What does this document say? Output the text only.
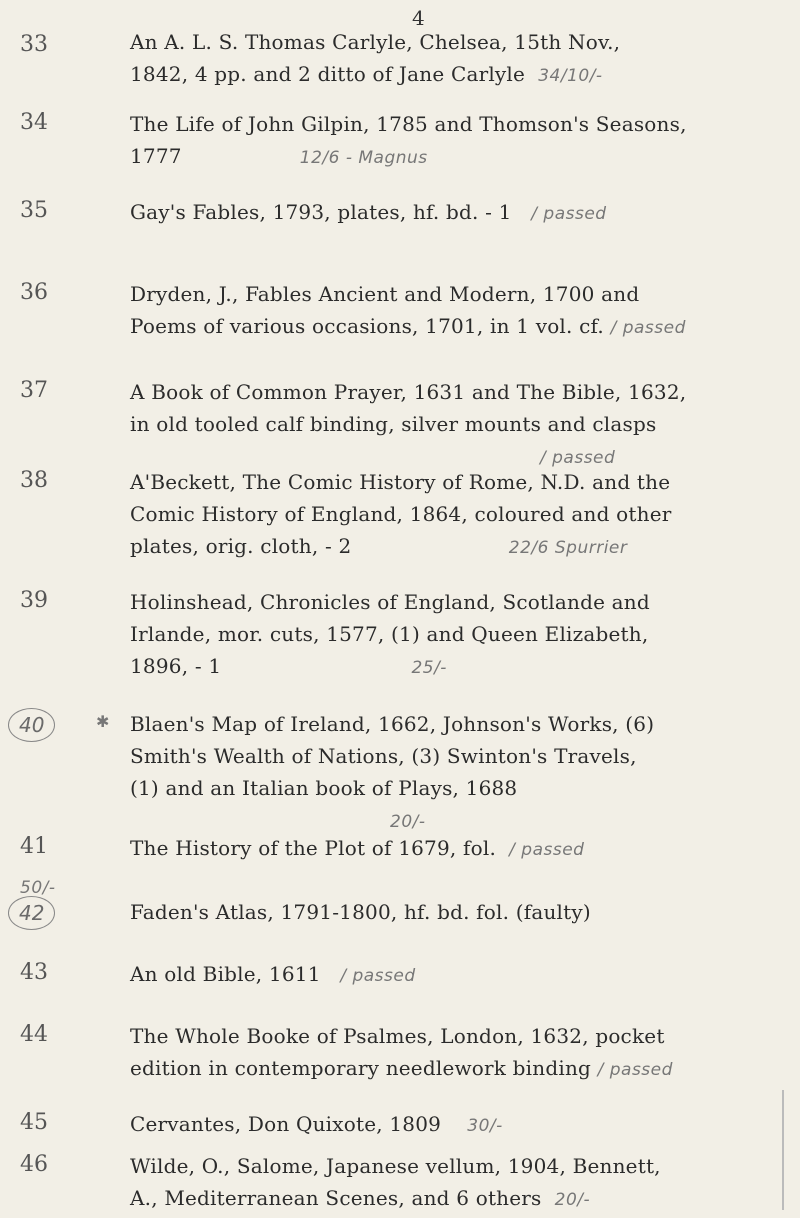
4
33	An A. L. S. Thomas Carlyle, Chelsea, 15th Nov.,
1842, 4 pp. and 2 ditto of Jane Carlyle 34/10/-
34	The Life of John Gilpin, 1785 and Thomson's Seasons,
1777	12/6 - Magnus
35	Gay's Fables, 1793, plates, hf. bd. - 1 / passed
36	Dryden, J., Fables Ancient and Modern, 1700 and
Poems of various occasions, 1701, in 1 vol. cf. / passed
37	A Book of Common Prayer, 1631 and The Bible, 1632,
in old tooled calf binding, silver mounts and clasps
/ passed
38	A'Beckett, The Comic History of Rome, N.D. and the
Comic History of England, 1864, coloured and other
plates, orig. cloth, - 2	22/6 Spurrier
39	Holinshead, Chronicles of England, Scotlande and
Irlande, mor. cuts, 1577, (1) and Queen Elizabeth,
1896, - 1	25/-
40	✱ Blaen's Map of Ireland, 1662, Johnson's Works, (6)
Smith's Wealth of Nations, (3) Swinton's Travels,
(1) and an Italian book of Plays, 1688
20/-
41	The History of the Plot of 1679, fol. / passed
42	Faden's Atlas, 1791-1800, hf. bd. fol. (faulty)
50/-
43	An old Bible, 1611 / passed
44	The Whole Booke of Psalmes, London, 1632, pocket
edition in contemporary needlework binding / passed
45	Cervantes, Don Quixote, 1809 30/-
46	Wilde, O., Salome, Japanese vellum, 1904, Bennett,
A., Mediterranean Scenes, and 6 others 20/-
